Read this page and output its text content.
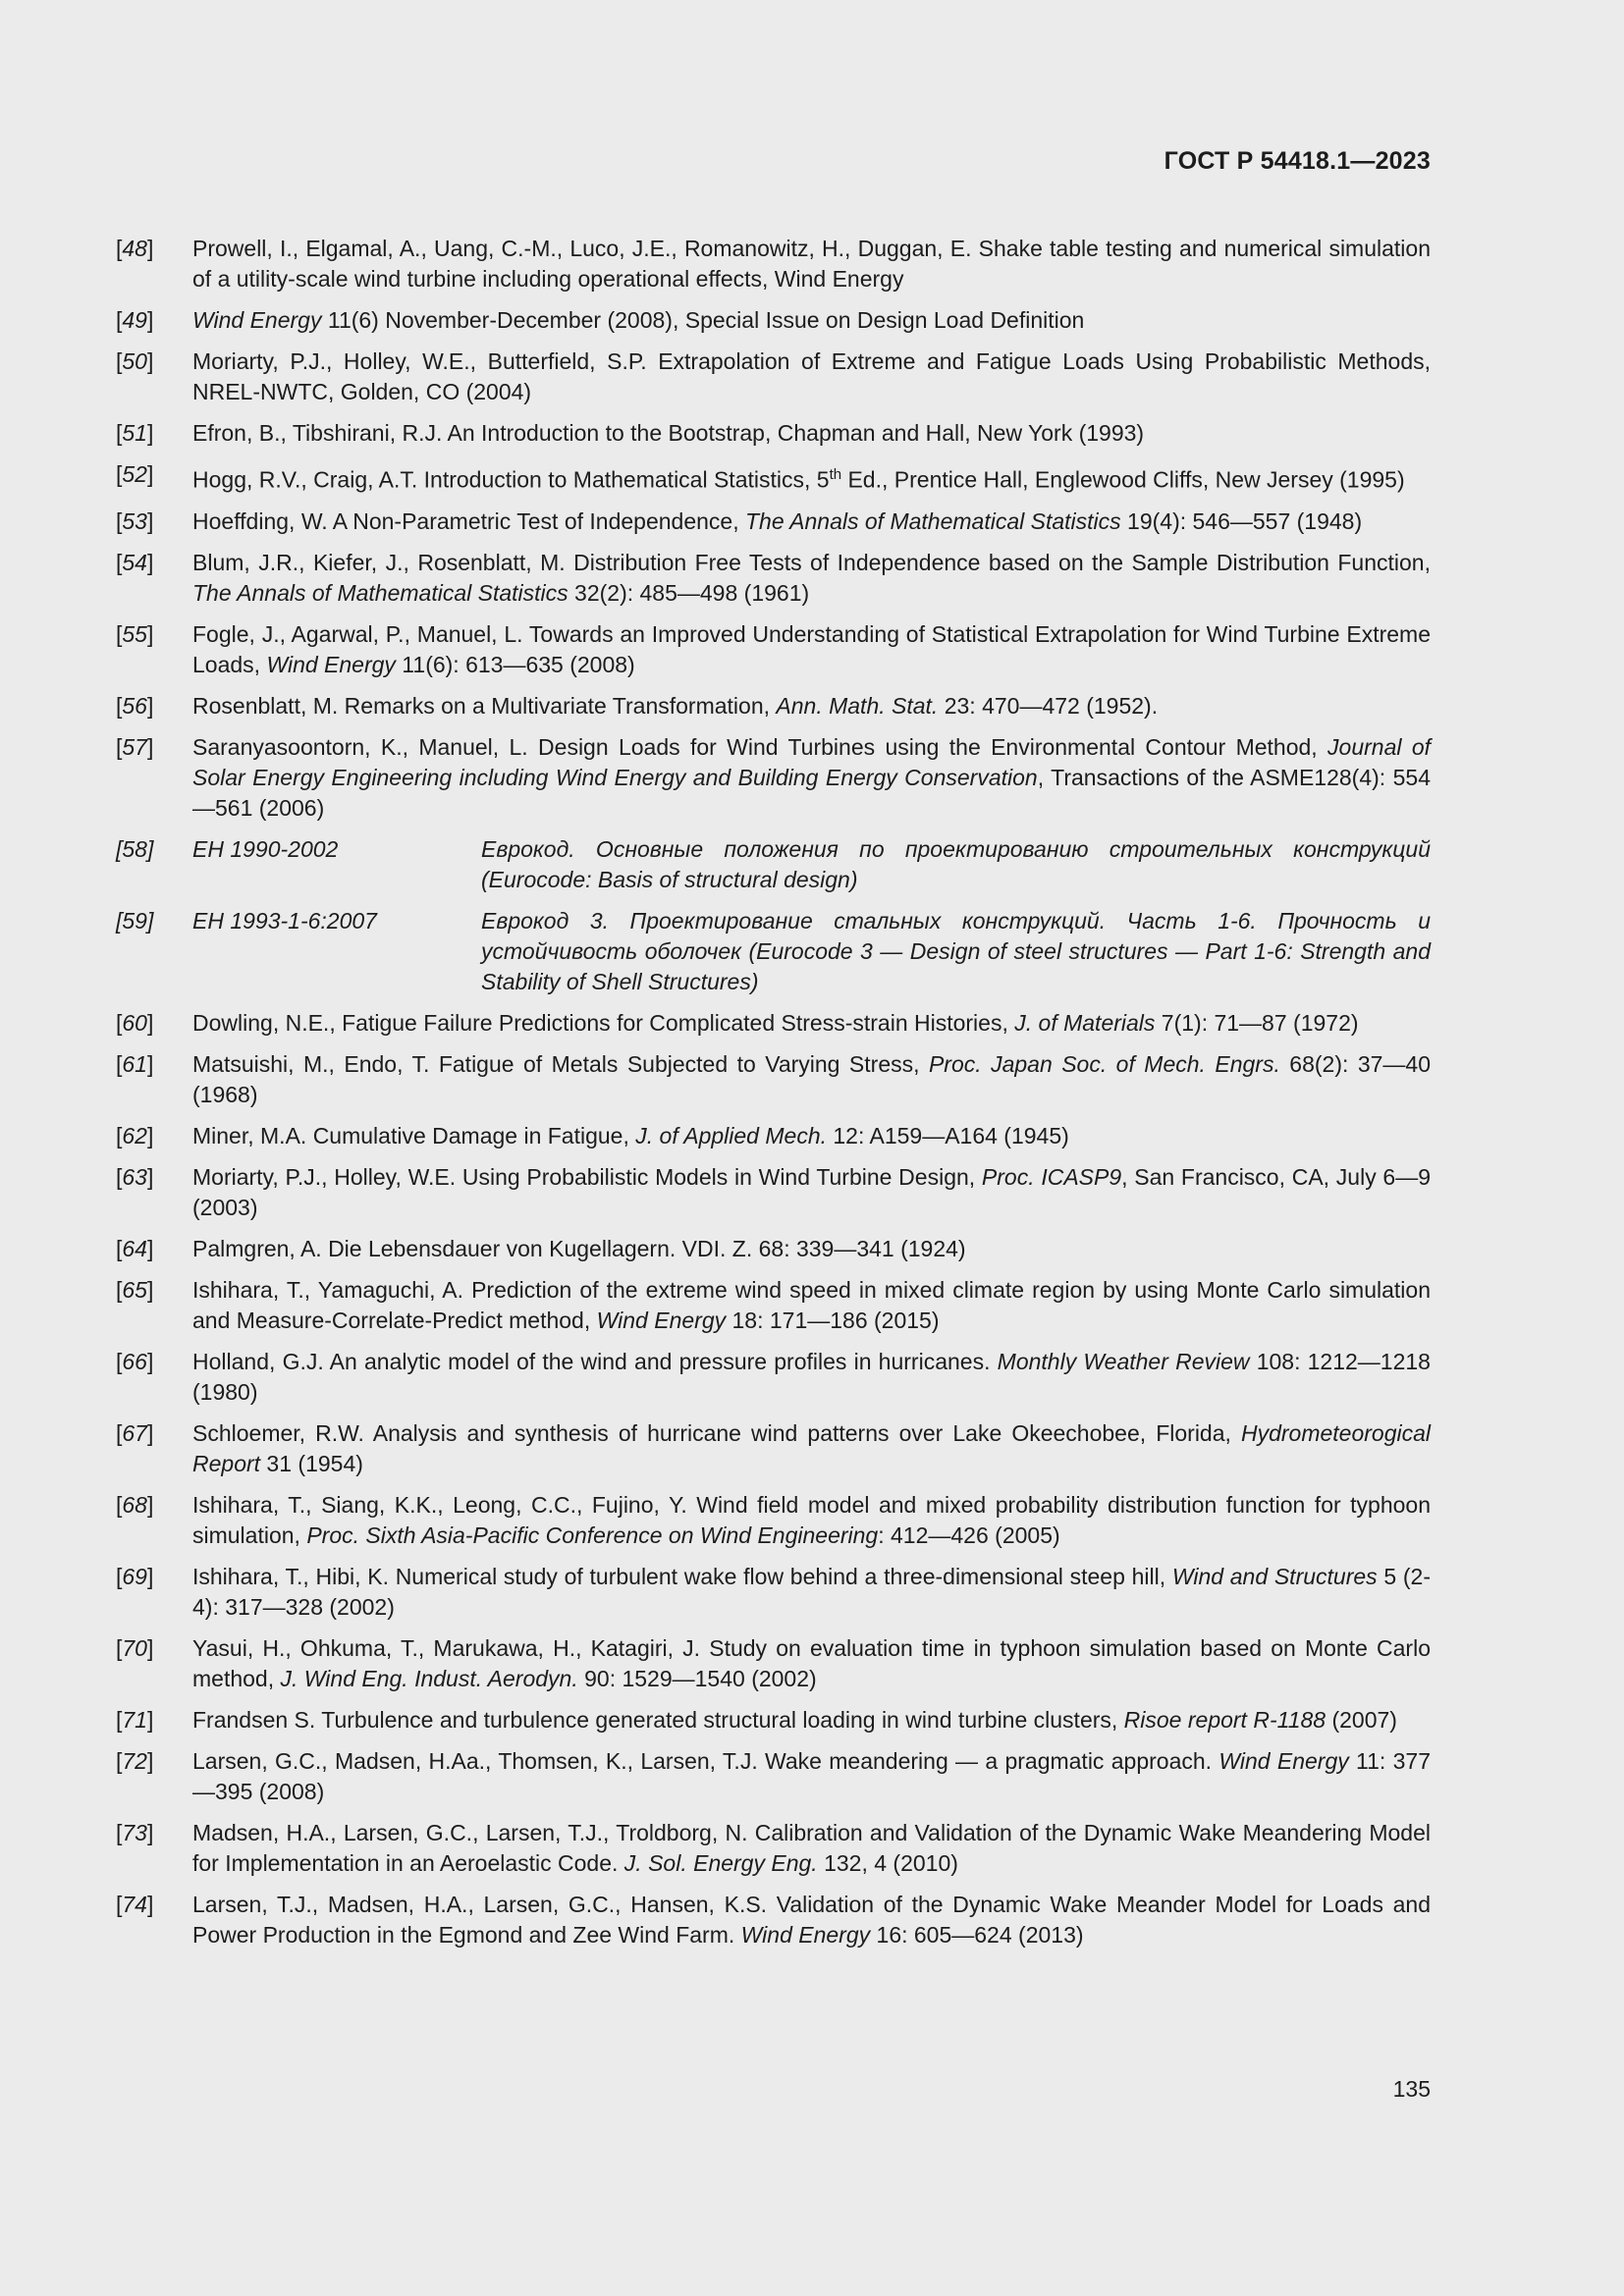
ГОСТ Р 54418.1—2023
[48]	Prowell, I., Elgamal, A., Uang, C.-M., Luco, J.E., Romanowitz, H., Duggan, E. Shake table testing and numerical simulation of a utility-scale wind turbine including operational effects, Wind Energy
[49]	Wind Energy 11(6) November-December (2008), Special Issue on Design Load Definition
[50]	Moriarty, P.J., Holley, W.E., Butterfield, S.P. Extrapolation of Extreme and Fatigue Loads Using Probabilistic Methods, NREL-NWTC, Golden, CO (2004)
[51]	Efron, B., Tibshirani, R.J. An Introduction to the Bootstrap, Chapman and Hall, New York (1993)
[52]	Hogg, R.V., Craig, A.T. Introduction to Mathematical Statistics, 5th Ed., Prentice Hall, Englewood Cliffs, New Jersey (1995)
[53]	Hoeffding, W. A Non-Parametric Test of Independence, The Annals of Mathematical Statistics 19(4): 546—557 (1948)
[54]	Blum, J.R., Kiefer, J., Rosenblatt, M. Distribution Free Tests of Independence based on the Sample Distribution Function, The Annals of Mathematical Statistics 32(2): 485—498 (1961)
[55]	Fogle, J., Agarwal, P., Manuel, L. Towards an Improved Understanding of Statistical Extrapolation for Wind Turbine Extreme Loads, Wind Energy 11(6): 613—635 (2008)
[56]	Rosenblatt, M. Remarks on a Multivariate Transformation, Ann. Math. Stat. 23: 470—472 (1952).
[57]	Saranyasoontorn, K., Manuel, L. Design Loads for Wind Turbines using the Environmental Contour Method, Journal of Solar Energy Engineering including Wind Energy and Building Energy Conservation, Transactions of the ASME128(4): 554—561 (2006)
[58]	ЕН 1990-2002	Еврокод. Основные положения по проектированию строительных конструкций (Eurocode: Basis of structural design)
[59]	ЕН 1993-1-6:2007	Еврокод 3. Проектирование стальных конструкций. Часть 1-6. Прочность и устойчивость оболочек (Eurocode 3 — Design of steel structures — Part 1-6: Strength and Stability of Shell Structures)
[60]	Dowling, N.E., Fatigue Failure Predictions for Complicated Stress-strain Histories, J. of Materials 7(1): 71—87 (1972)
[61]	Matsuishi, M., Endo, T. Fatigue of Metals Subjected to Varying Stress, Proc. Japan Soc. of Mech. Engrs. 68(2): 37—40 (1968)
[62]	Miner, M.A. Cumulative Damage in Fatigue, J. of Applied Mech. 12: A159—A164 (1945)
[63]	Moriarty, P.J., Holley, W.E. Using Probabilistic Models in Wind Turbine Design, Proc. ICASP9, San Francisco, CA, July 6—9 (2003)
[64]	Palmgren, A. Die Lebensdauer von Kugellagern. VDI. Z. 68: 339—341 (1924)
[65]	Ishihara, T., Yamaguchi, A. Prediction of the extreme wind speed in mixed climate region by using Monte Carlo simulation and Measure-Correlate-Predict method, Wind Energy 18: 171—186 (2015)
[66]	Holland, G.J. An analytic model of the wind and pressure profiles in hurricanes. Monthly Weather Review 108: 1212—1218 (1980)
[67]	Schloemer, R.W. Analysis and synthesis of hurricane wind patterns over Lake Okeechobee, Florida, Hydrometeorogical Report 31 (1954)
[68]	Ishihara, T., Siang, K.K., Leong, C.C., Fujino, Y. Wind field model and mixed probability distribution function for typhoon simulation, Proc. Sixth Asia-Pacific Conference on Wind Engineering: 412—426 (2005)
[69]	Ishihara, T., Hibi, K. Numerical study of turbulent wake flow behind a three-dimensional steep hill, Wind and Structures 5 (2-4): 317—328 (2002)
[70]	Yasui, H., Ohkuma, T., Marukawa, H., Katagiri, J. Study on evaluation time in typhoon simulation based on Monte Carlo method, J. Wind Eng. Indust. Aerodyn. 90: 1529—1540 (2002)
[71]	Frandsen S. Turbulence and turbulence generated structural loading in wind turbine clusters, Risoe report R-1188 (2007)
[72]	Larsen, G.C., Madsen, H.Aa., Thomsen, K., Larsen, T.J. Wake meandering — a pragmatic approach. Wind Energy 11: 377—395 (2008)
[73]	Madsen, H.A., Larsen, G.C., Larsen, T.J., Troldborg, N. Calibration and Validation of the Dynamic Wake Meandering Model for Implementation in an Aeroelastic Code. J. Sol. Energy Eng. 132, 4 (2010)
[74]	Larsen, T.J., Madsen, H.A., Larsen, G.C., Hansen, K.S. Validation of the Dynamic Wake Meander Model for Loads and Power Production in the Egmond and Zee Wind Farm. Wind Energy 16: 605—624 (2013)
135
